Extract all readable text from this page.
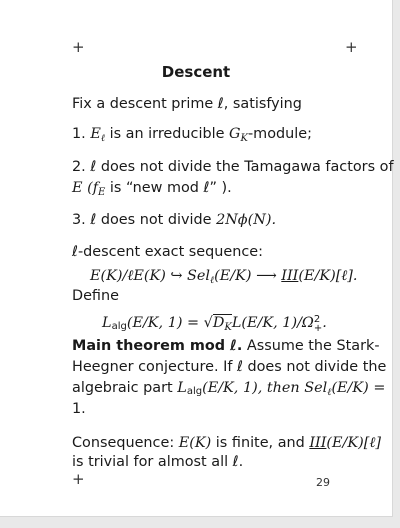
+	+
Descent
Fix a descent prime ℓ, satisfying
1. $E_\ell$ is an irreducible $G_K$-module;
2. ℓ does not divide the Tamagawa factors of
E ($f_E$ is “new mod ℓ” ).
3. ℓ does not divide 2Nϕ(N).
ℓ-descent exact sequence:
E(K)/ℓE(K) ↪ Sel$_\ell$(E/K) ⟶ III(E/K)[ℓ].
Define
Lalg(E/K, $1) = √D_KL(E/K$, 1)/Ω 2
+ .
Main theorem mod ℓ. Assume the Stark-
Heegner conjecture. If ℓ does not divide the
algebraic part Lalg(E/K, 1), then Sel$_\ell$(E/K) =
1.
Consequence: E(K) is finite, and III(E/K)[ℓ]
is trivial for almost all ℓ.
+	29
